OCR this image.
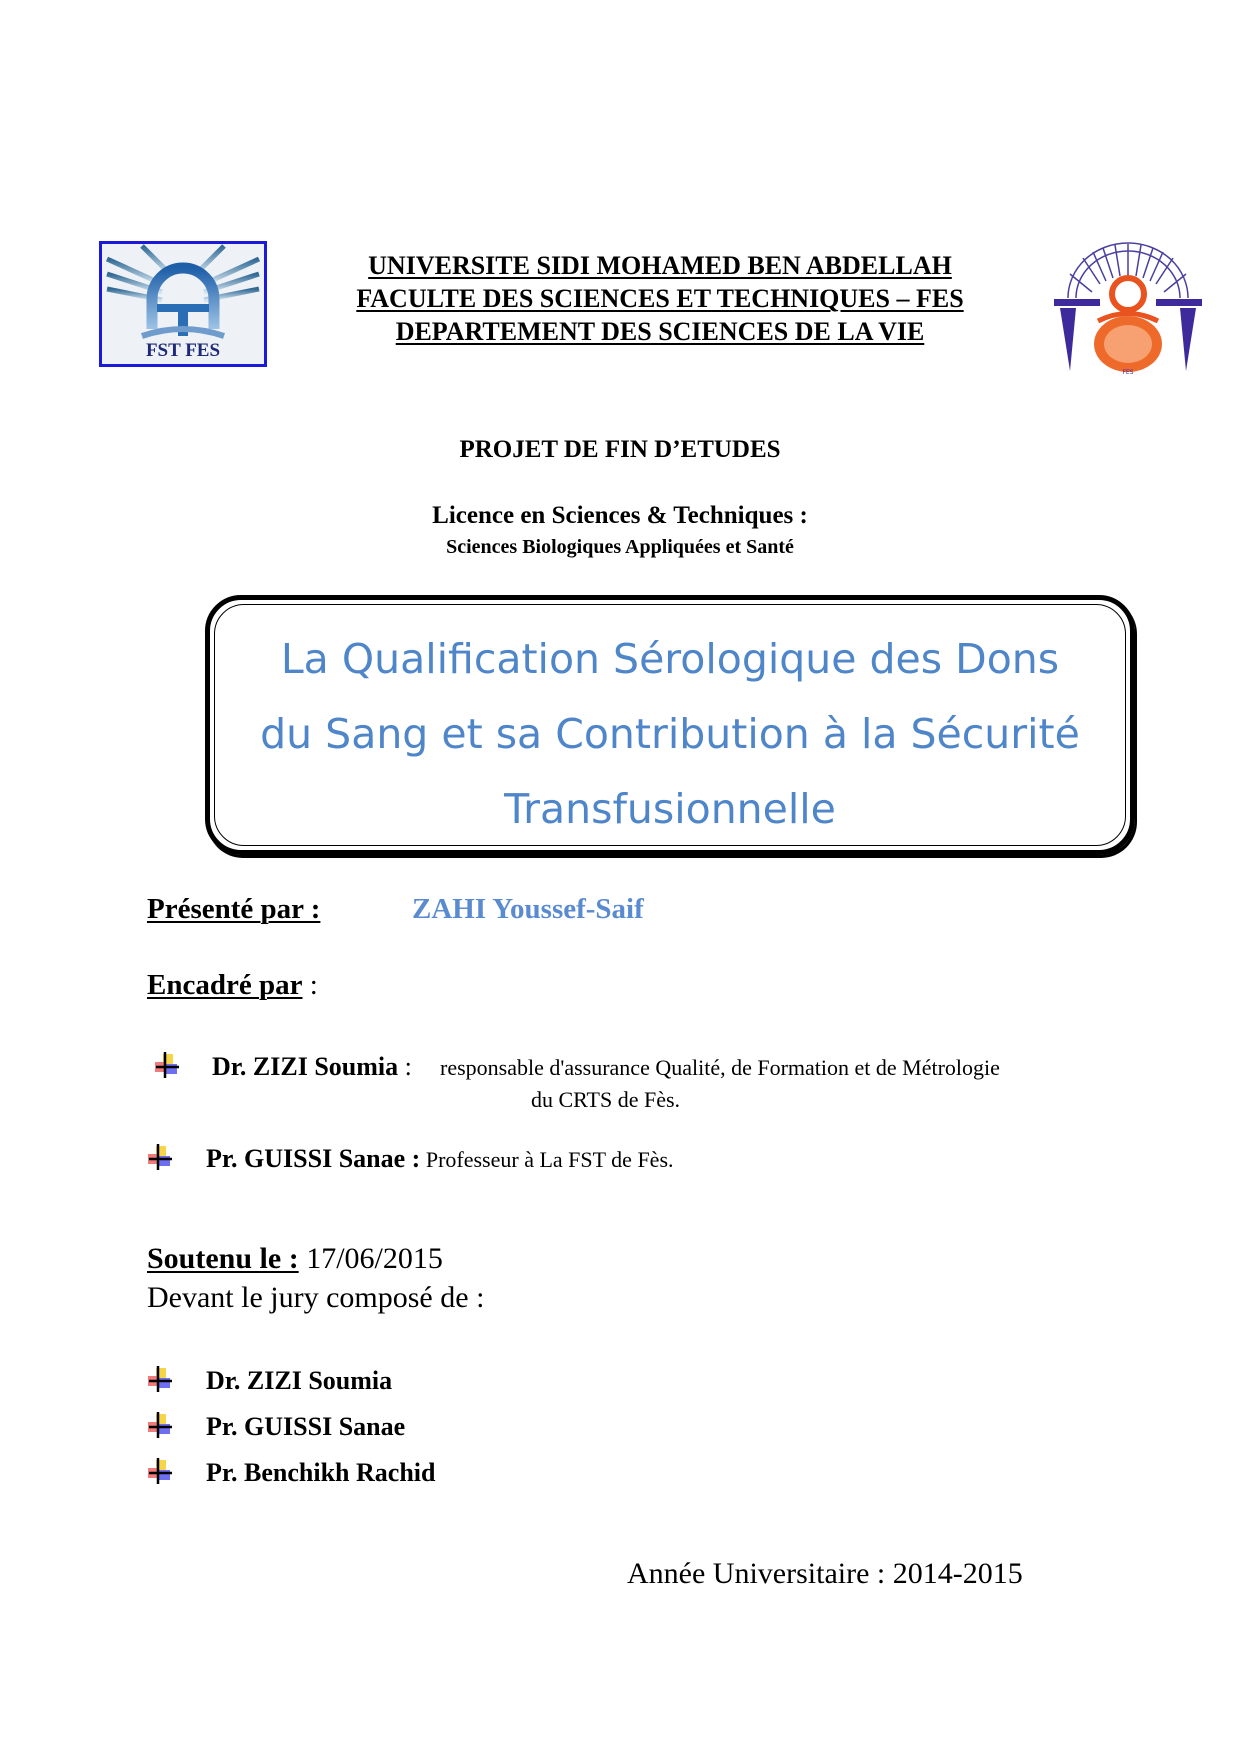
FST FES
UNIVERSITE SIDI MOHAMED BEN ABDELLAH
FACULTE DES SCIENCES ET TECHNIQUES – FES
DEPARTEMENT DES SCIENCES DE LA VIE
FES
PROJET DE FIN D’ETUDES
Licence en Sciences & Techniques :
Sciences Biologiques Appliquées et Santé
La Qualification Sérologique des Dons
du Sang et sa Contribution à la Sécurité
Transfusionnelle
Présenté par :	ZAHI Youssef-Saif
Encadré par :
Dr. ZIZI Soumia : responsable d'assurance Qualité, de Formation et de Métrologie
du CRTS de Fès.
Pr. GUISSI Sanae : Professeur à La FST de Fès.
Soutenu le : 17/06/2015
Devant le jury composé de :
Dr. ZIZI Soumia
Pr. GUISSI Sanae
Pr. Benchikh Rachid
Année Universitaire : 2014-2015
